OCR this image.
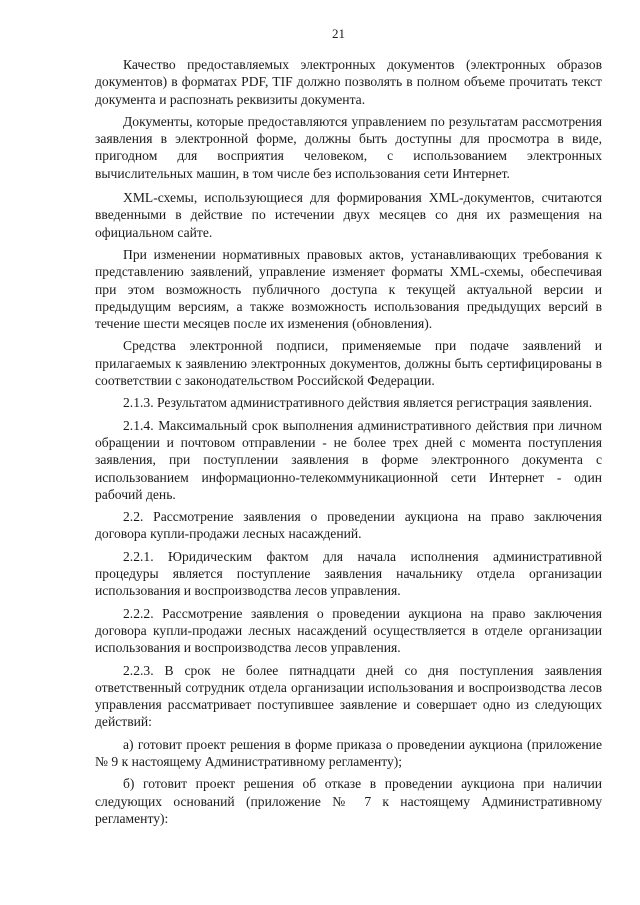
21

Качество предоставляемых электронных документов (электронных образов документов) в форматах PDF, TIF должно позволять в полном объеме прочитать текст документа и распознать реквизиты документа.

Документы, которые предоставляются управлением по результатам рассмотрения заявления в электронной форме, должны быть доступны для просмотра в виде, пригодном для восприятия человеком, с использованием электронных вычислительных машин, в том числе без использования сети Интернет.

XML-схемы, использующиеся для формирования XML-документов, считаются введенными в действие по истечении двух месяцев со дня их размещения на официальном сайте.

При изменении нормативных правовых актов, устанавливающих требования к представлению заявлений, управление изменяет форматы XML-схемы, обеспечивая при этом возможность публичного доступа к текущей актуальной версии и предыдущим версиям, а также возможность использования предыдущих версий в течение шести месяцев после их изменения (обновления).

Средства электронной подписи, применяемые при подаче заявлений и прилагаемых к заявлению электронных документов, должны быть сертифицированы в соответствии с законодательством Российской Федерации.

2.1.3. Результатом административного действия является регистрация заявления.

2.1.4. Максимальный срок выполнения административного действия при личном обращении и почтовом отправлении - не более трех дней с момента поступления заявления, при поступлении заявления в форме электронного документа с использованием информационно-телекоммуникационной сети Интернет - один рабочий день.

2.2. Рассмотрение заявления о проведении аукциона на право заключения договора купли-продажи лесных насаждений.

2.2.1. Юридическим фактом для начала исполнения административной процедуры является поступление заявления начальнику отдела организации использования и воспроизводства лесов управления.

2.2.2. Рассмотрение заявления о проведении аукциона на право заключения договора купли-продажи лесных насаждений осуществляется в отделе организации использования и воспроизводства лесов управления.

2.2.3. В срок не более пятнадцати дней со дня поступления заявления ответственный сотрудник отдела организации использования и воспроизводства лесов управления рассматривает поступившее заявление и совершает одно из следующих действий:

а) готовит проект решения в форме приказа о проведении аукциона (приложение № 9 к настоящему Административному регламенту);

б) готовит проект решения об отказе в проведении аукциона при наличии следующих оснований (приложение № 7 к настоящему Административному регламенту):
